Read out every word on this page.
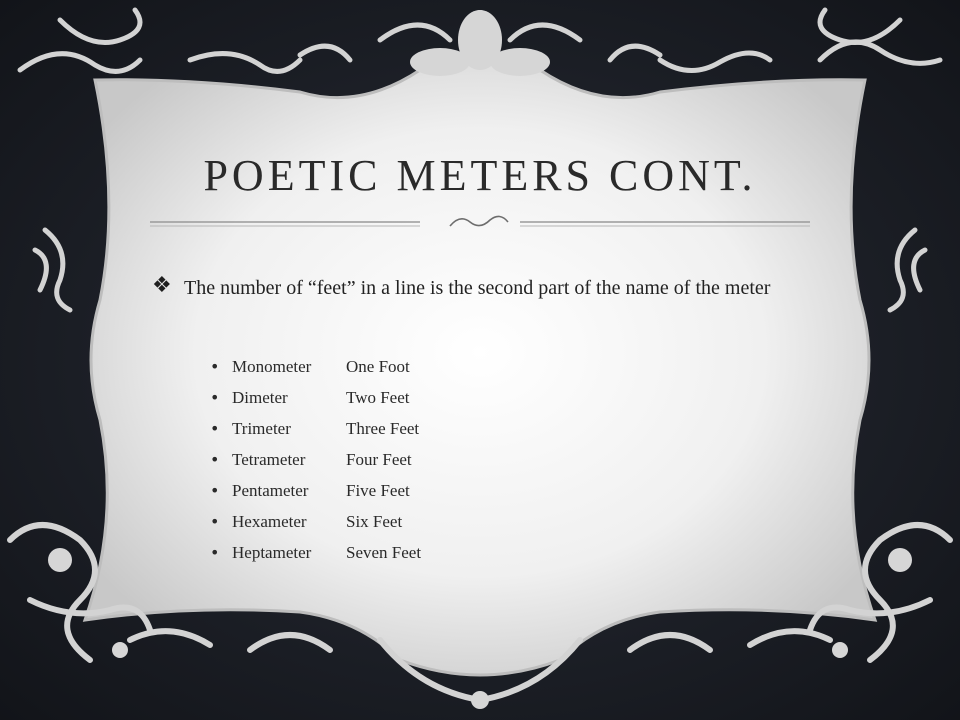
POETIC METERS CONT.
❖ The number of “feet” in a line is the second part of the name of the meter
• Monometer One Foot
• Dimeter	Two Feet
• Trimeter	Three Feet
• Tetrameter Four Feet
• Pentameter Five Feet
• Hexameter Six Feet
• Heptameter Seven Feet
